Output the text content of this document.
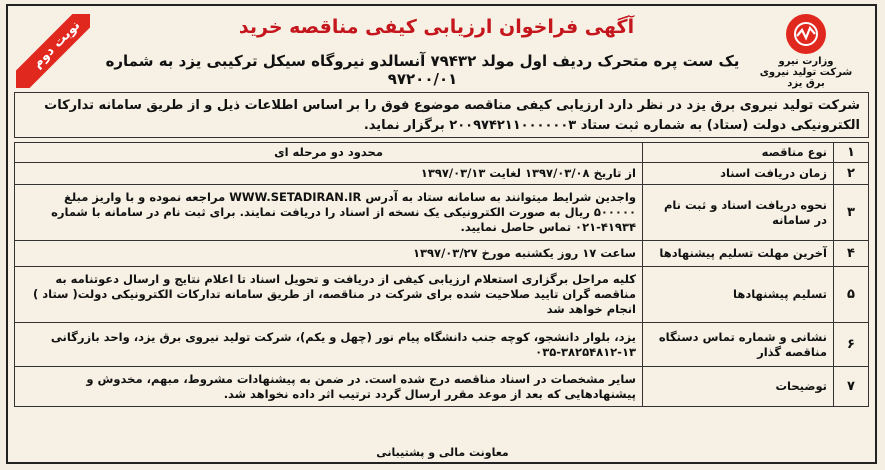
نوبت دوم	وزارت نیرو
شرکت تولید نیروی برق یزد
آگهی فراخوان ارزیابی کیفی مناقصه خرید
یک ست پره متحرک ردیف اول مولد ۷۹۴۳۲ آنسالدو نیروگاه سیکل ترکیبی یزد به شماره ۹۷۲۰۰/۰۱
شرکت تولید نیروی برق یزد در نظر دارد ارزیابی کیفی مناقصه موضوع فوق را بر اساس اطلاعات ذیل و از طریق سامانه تدارکات الکترونیکی دولت (ستاد) به شماره ثبت ستاد ۲۰۰۹۷۴۲۱۱۰۰۰۰۰۰۳ برگزار نماید.
۱	نوع مناقصه	محدود دو مرحله ای
۲	زمان دریافت اسناد	از تاریخ ۱۳۹۷/۰۳/۰۸ لغایت ۱۳۹۷/۰۳/۱۳
۳	نحوه دریافت اسناد و ثبت نام در سامانه	واجدین شرایط میتوانند به سامانه ستاد به آدرس WWW.SETADIRAN.IR مراجعه نموده و با واریز مبلغ ۵۰۰۰۰۰ ریال به صورت الکترونیکی یک نسخه از اسناد را دریافت نمایند. برای ثبت نام در سامانه با شماره ۴۱۹۳۴-۰۲۱ تماس حاصل نمایید.
۴	آخرین مهلت تسلیم پیشنهادها	ساعت ۱۷ روز یکشنبه مورخ ۱۳۹۷/۰۳/۲۷
۵	تسلیم پیشنهادها	کلیه مراحل برگزاری استعلام ارزیابی کیفی از دریافت و تحویل اسناد تا اعلام نتایج و ارسال دعوتنامه به مناقصه گران تایید صلاحیت شده برای شرکت در مناقصه، از طریق سامانه تدارکات الکترونیکی دولت( ستاد ) انجام خواهد شد
۶	نشانی و شماره تماس دستگاه مناقصه گذار	یزد، بلوار دانشجو، کوچه جنب دانشگاه پیام نور (چهل و یکم)، شرکت تولید نیروی برق یزد، واحد بازرگانی ۱۳-۳۸۲۵۴۸۱۲-۰۳۵
۷	توضیحات	سایر مشخصات در اسناد مناقصه درج شده است. در ضمن به پیشنهادات مشروط، مبهم، مخدوش و پیشنهادهایی که بعد از موعد مقرر ارسال گردد ترتیب اثر داده نخواهد شد.
معاونت مالی و پشتیبانی
